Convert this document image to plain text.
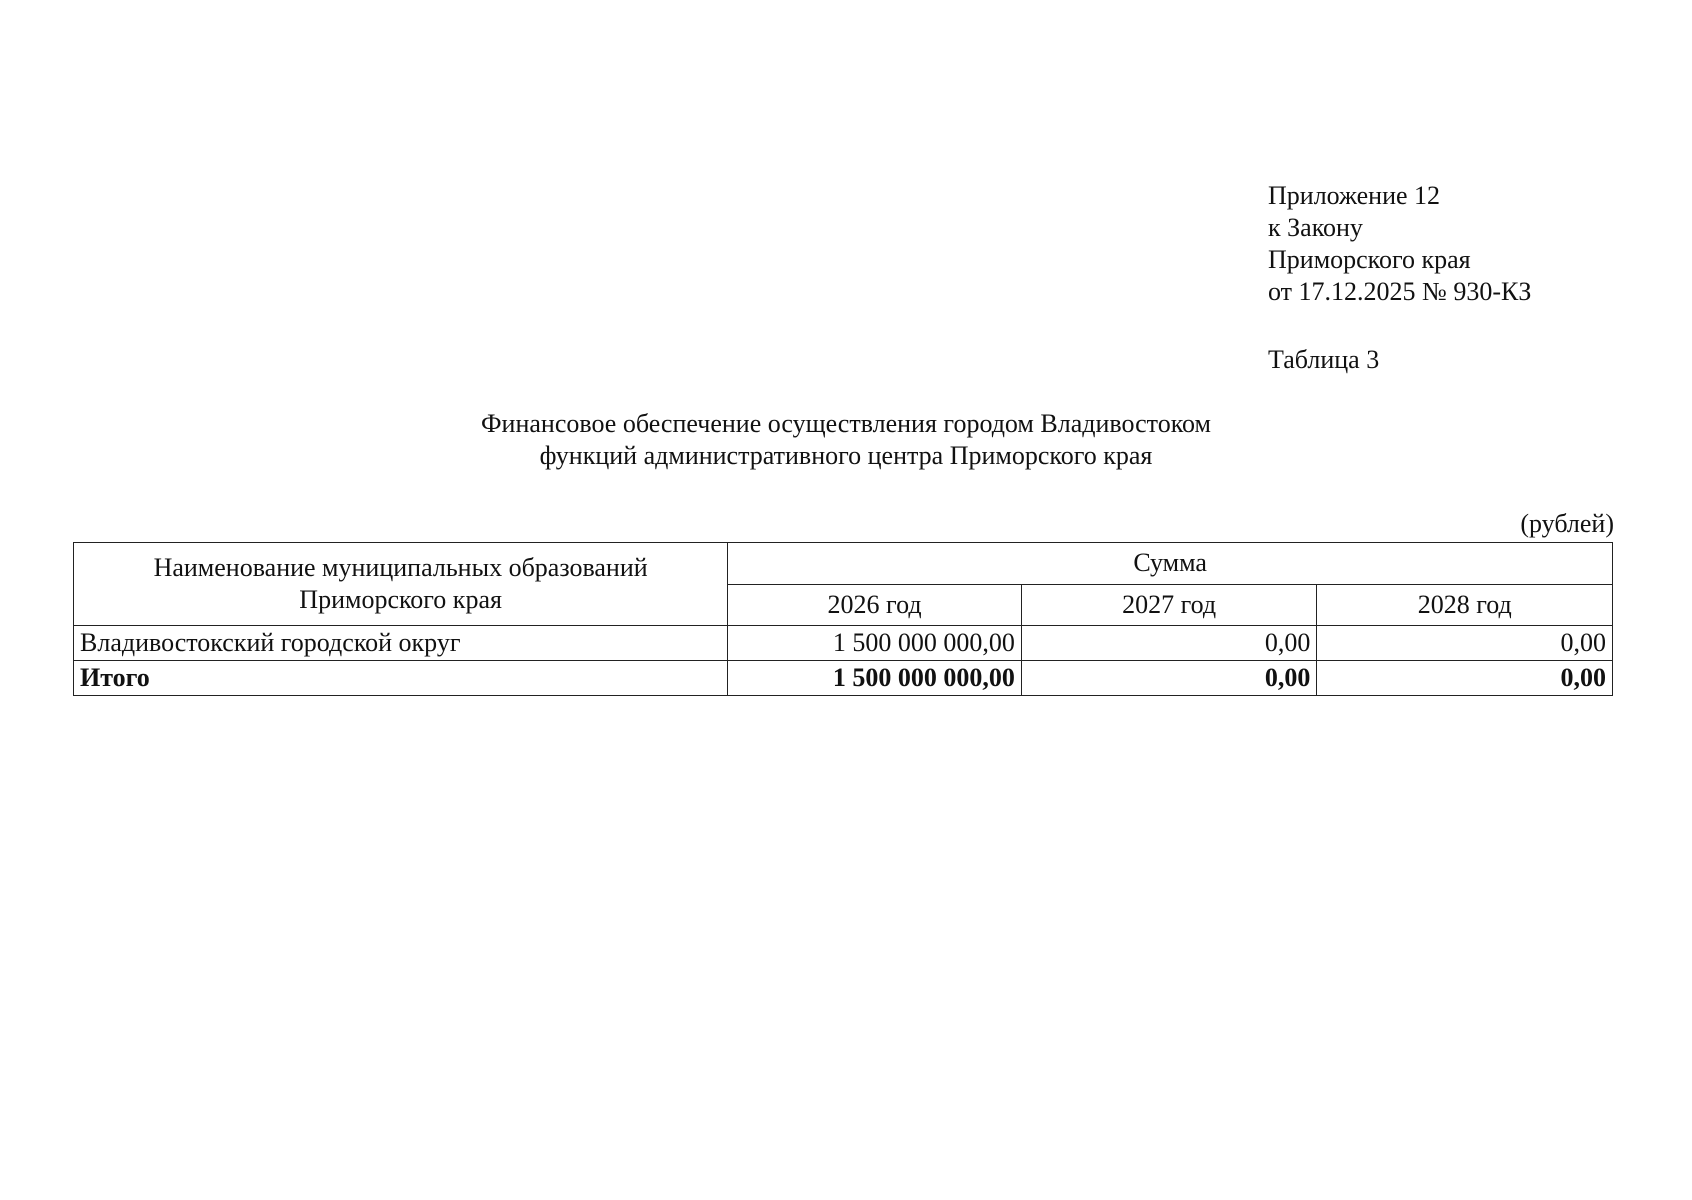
Приложение 12
к Закону
Приморского края
от 17.12.2025 № 930-КЗ
Таблица 3
Финансовое обеспечение осуществления городом Владивостоком
функций административного центра Приморского края
(рублей)
Наименование муниципальных образований
Приморского края	Сумма		
	2026 год	2027 год	2028 год
Владивостокский городской округ	1 500 000 000,00	0,00	0,00
Итого	1 500 000 000,00	0,00	0,00
